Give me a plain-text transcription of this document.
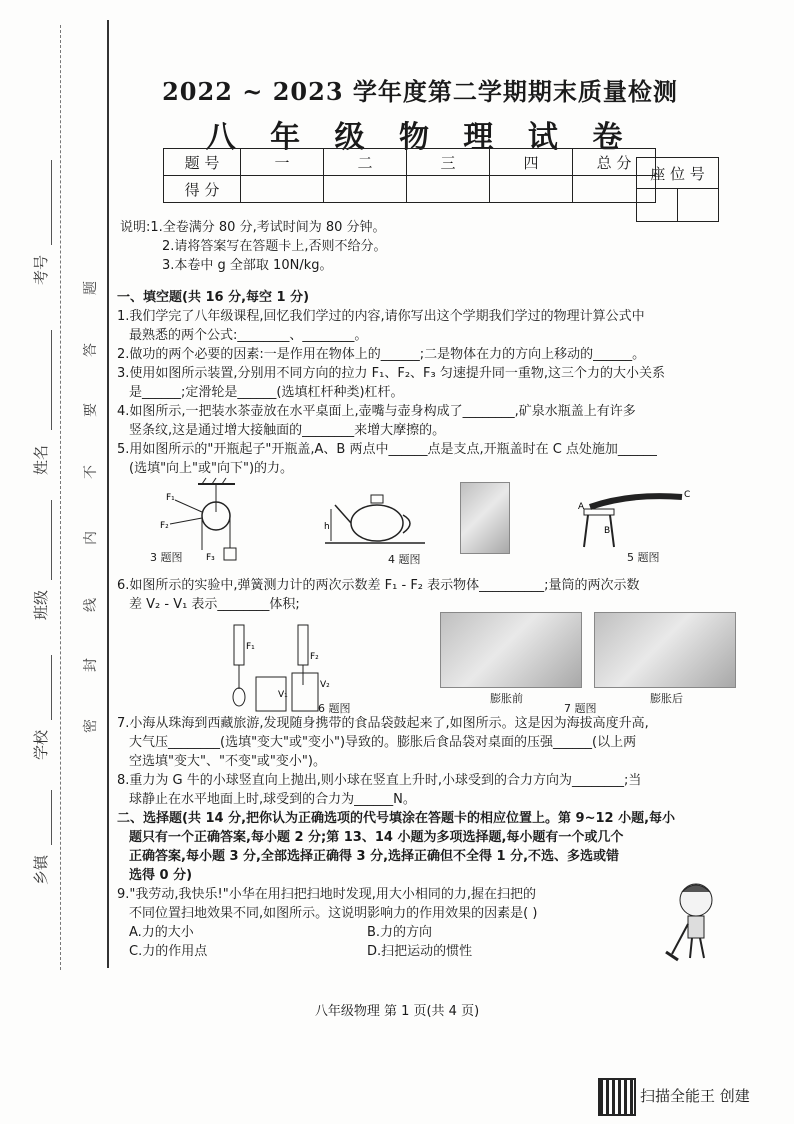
考号
姓名
班级
学校
乡镇
题
答
要
不
内
线
封
密
2022 ~ 2023 学年度第二学期期末质量检测
八 年 级 物 理 试 卷
题 号	一	二	三	四	总 分
得 分					
座 位 号

说明:1.全卷满分 80 分,考试时间为 80 分钟。
2.请将答案写在答题卡上,否则不给分。
3.本卷中 g 全部取 10N/kg。

一、填空题(共 16 分,每空 1 分)

1.我们学完了八年级课程,回忆我们学过的内容,请你写出这个学期我们学过的物理计算公式中

最熟悉的两个公式:________、________。

2.做功的两个必要的因素:一是作用在物体上的______;二是物体在力的方向上移动的______。

3.使用如图所示装置,分别用不同方向的拉力 F₁、F₂、F₃ 匀速提升同一重物,这三个力的大小关系

是______;定滑轮是______(选填杠杆种类)杠杆。

4.如图所示,一把装水茶壶放在水平桌面上,壶嘴与壶身构成了________,矿泉水瓶盖上有许多

竖条纹,这是通过增大接触面的________来增大摩擦的。

5.用如图所示的"开瓶起子"开瓶盖,A、B 两点中______点是支点,开瓶盖时在 C 点处施加______

(选填"向上"或"向下")的力。

6.如图所示的实验中,弹簧测力计的两次示数差 F₁ - F₂ 表示物体__________;量筒的两次示数

差 V₂ - V₁ 表示________体积;

7.小海从珠海到西藏旅游,发现随身携带的食品袋鼓起来了,如图所示。这是因为海拔高度升高,

大气压________(选填"变大"或"变小")导致的。膨胀后食品袋对桌面的压强______(以上两

空选填"变大"、"不变"或"变小")。

8.重力为 G 牛的小球竖直向上抛出,则小球在竖直上升时,小球受到的合力方向为________;当

球静止在水平地面上时,球受到的合力为______N。

二、选择题(共 14 分,把你认为正确选项的代号填涂在答题卡的相应位置上。第 9~12 小题,每小

题只有一个正确答案,每小题 2 分;第 13、14 小题为多项选择题,每小题有一个或几个

正确答案,每小题 3 分,全部选择正确得 3 分,选择正确但不全得 1 分,不选、多选或错

选得 0 分)

9."我劳动,我快乐!"小华在用扫把扫地时发现,用大小相同的力,握在扫把的

不同位置扫地效果不同,如图所示。这说明影响力的作用效果的因素是( )

A.力的大小	B.力的方向
C.力的作用点	D.扫把运动的惯性
F₁
F₂
F₃
3 题图
h
4 题图
A
B
C
5 题图
F₁
F₂
V₁
V₂
6 题图
膨胀前
7 题图
膨胀后
八年级物理 第 1 页(共 4 页)
扫描全能王 创建
